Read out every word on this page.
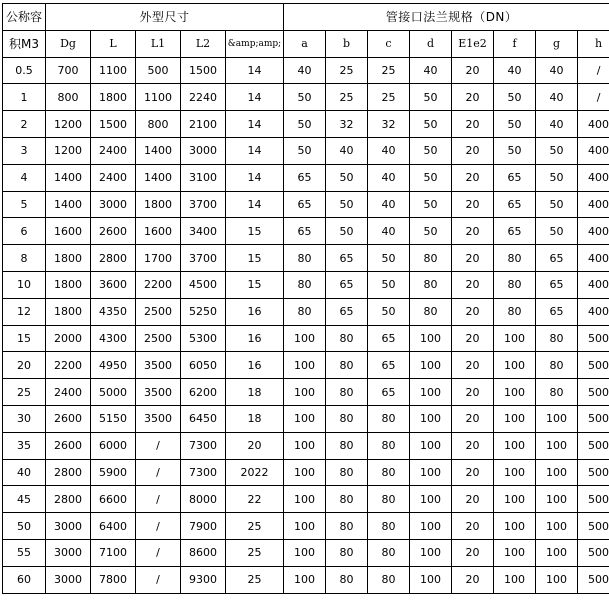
公称容	外型尺寸					管接口法兰规格（DN）							
积M3	Dg	L	L1	L2	&amp;amp;	a	b	c	d	E1e2	f	g	h
0.5	700	1100	500	1500	14	40	25	25	40	20	40	40	/
1	800	1800	1100	2240	14	50	25	25	50	20	50	40	/
2	1200	1500	800	2100	14	50	32	32	50	20	50	40	400
3	1200	2400	1400	3000	14	50	40	40	50	20	50	50	400
4	1400	2400	1400	3100	14	65	50	40	50	20	65	50	400
5	1400	3000	1800	3700	14	65	50	40	50	20	65	50	400
6	1600	2600	1600	3400	15	65	50	40	50	20	65	50	400
8	1800	2800	1700	3700	15	80	65	50	80	20	80	65	400
10	1800	3600	2200	4500	15	80	65	50	80	20	80	65	400
12	1800	4350	2500	5250	16	80	65	50	80	20	80	65	400
15	2000	4300	2500	5300	16	100	80	65	100	20	100	80	500
20	2200	4950	3500	6050	16	100	80	65	100	20	100	80	500
25	2400	5000	3500	6200	18	100	80	65	100	20	100	80	500
30	2600	5150	3500	6450	18	100	80	80	100	20	100	100	500
35	2600	6000	/	7300	20	100	80	80	100	20	100	100	500
40	2800	5900	/	7300	2022	100	80	80	100	20	100	100	500
45	2800	6600	/	8000	22	100	80	80	100	20	100	100	500
50	3000	6400	/	7900	25	100	80	80	100	20	100	100	500
55	3000	7100	/	8600	25	100	80	80	100	20	100	100	500
60	3000	7800	/	9300	25	100	80	80	100	20	100	100	500
